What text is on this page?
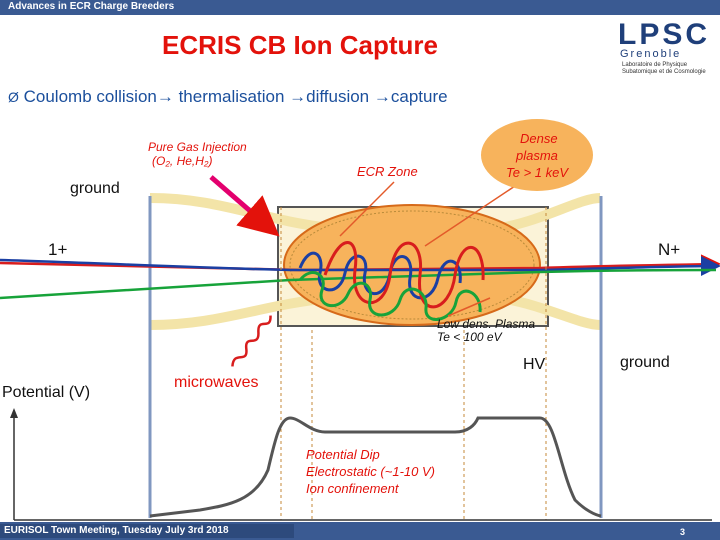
Advances in ECR Charge Breeders
ECRIS CB Ion Capture	LPSC
Grenoble
Laboratoire de Physique
Subatomique et de Cosmologie
Ø Coulomb collision→ thermalisation →diffusion →capture
Pure Gas Injection
(O₂, He,H₂)
ECR Zone
Dense
plasma
Te > 1 keV
ground
1+	N+
Low dens. Plasma
Te < 100 eV
HV	ground
Potential (V)
microwaves
Potential Dip
Electrostatic (~1-10 V)
Ion confinement
EURISOL Town Meeting, Tuesday July 3rd 2018	3
